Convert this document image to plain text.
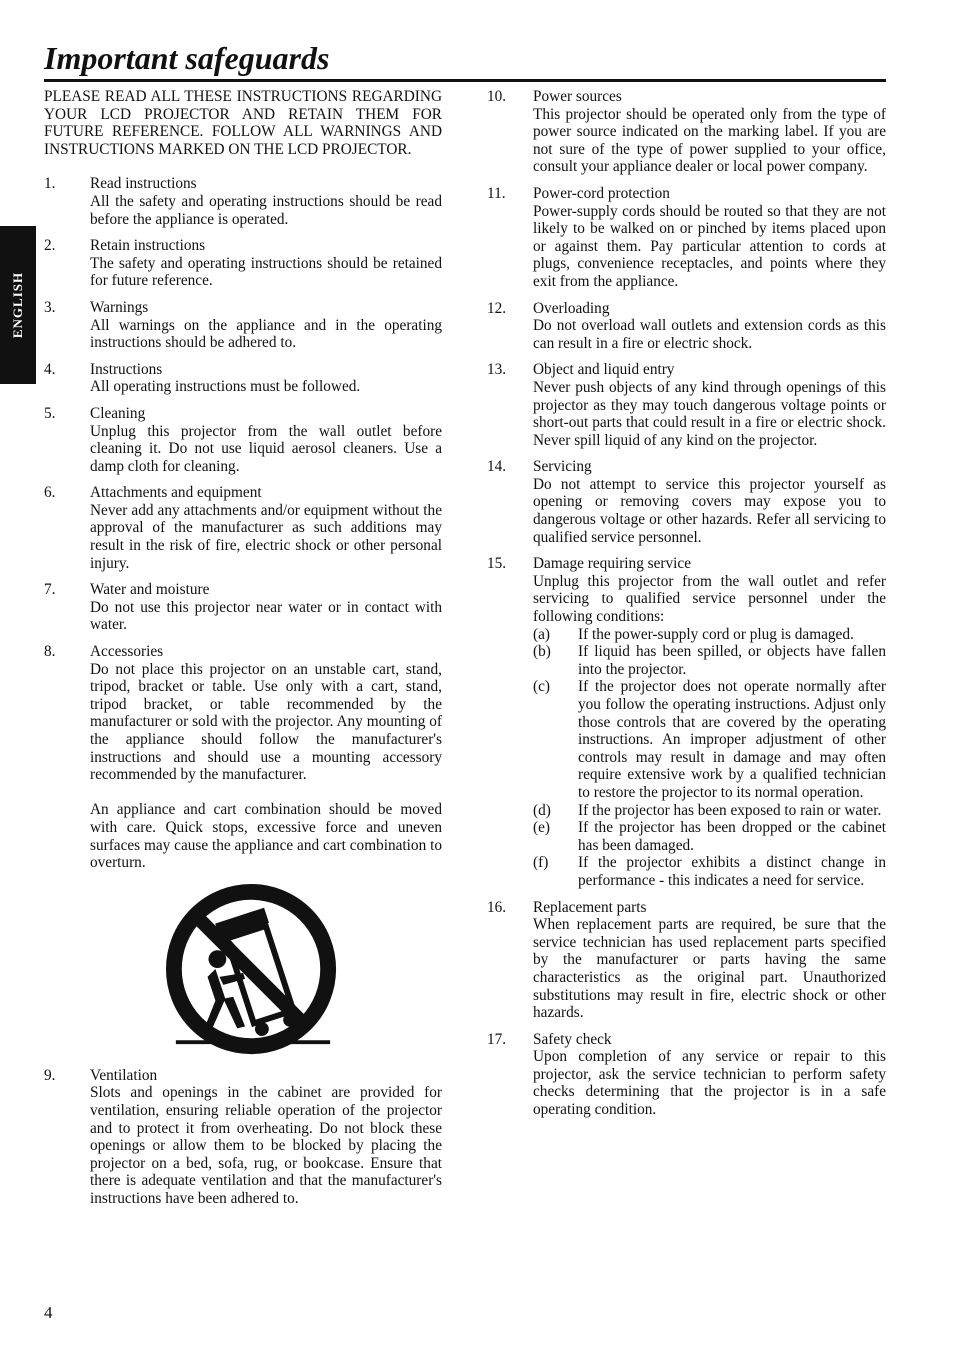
Important safeguards
ENGLISH
PLEASE READ ALL THESE INSTRUCTIONS REGARDING YOUR LCD PROJECTOR AND RETAIN THEM FOR FUTURE REFERENCE. FOLLOW ALL WARNINGS AND INSTRUCTIONS MARKED ON THE LCD PROJECTOR.
1. Read instructions
All the safety and operating instructions should be read before the appliance is operated.
2. Retain instructions
The safety and operating instructions should be retained for future reference.
3. Warnings
All warnings on the appliance and in the operating instructions should be adhered to.
4. Instructions
All operating instructions must be followed.
5. Cleaning
Unplug this projector from the wall outlet before cleaning it. Do not use liquid aerosol cleaners. Use a damp cloth for cleaning.
6. Attachments and equipment
Never add any attachments and/or equipment without the approval of the manufacturer as such additions may result in the risk of fire, electric shock or other personal injury.
7. Water and moisture
Do not use this projector near water or in contact with water.
8. Accessories
Do not place this projector on an unstable cart, stand, tripod, bracket or table. Use only with a cart, stand, tripod bracket, or table recommended by the manufacturer or sold with the projector. Any mounting of the appliance should follow the manufacturer's instructions and should use a mounting accessory recommended by the manufacturer.
An appliance and cart combination should be moved with care. Quick stops, excessive force and uneven surfaces may cause the appliance and cart combination to overturn.
9. Ventilation
Slots and openings in the cabinet are provided for ventilation, ensuring reliable operation of the projector and to protect it from overheating. Do not block these openings or allow them to be blocked by placing the projector on a bed, sofa, rug, or bookcase. Ensure that there is adequate ventilation and that the manufacturer's instructions have been adhered to.
10. Power sources
This projector should be operated only from the type of power source indicated on the marking label. If you are not sure of the type of power supplied to your office, consult your appliance dealer or local power company.
11. Power-cord protection
Power-supply cords should be routed so that they are not likely to be walked on or pinched by items placed upon or against them. Pay particular attention to cords at plugs, convenience receptacles, and points where they exit from the appliance.
12. Overloading
Do not overload wall outlets and extension cords as this can result in a fire or electric shock.
13. Object and liquid entry
Never push objects of any kind through openings of this projector as they may touch dangerous voltage points or short-out parts that could result in a fire or electric shock. Never spill liquid of any kind on the projector.
14. Servicing
Do not attempt to service this projector yourself as opening or removing covers may expose you to dangerous voltage or other hazards. Refer all servicing to qualified service personnel.
15. Damage requiring service
Unplug this projector from the wall outlet and refer servicing to qualified service personnel under the following conditions:
(a) If the power-supply cord or plug is damaged.
(b) If liquid has been spilled, or objects have fallen into the projector.
(c) If the projector does not operate normally after you follow the operating instructions. Adjust only those controls that are covered by the operating instructions. An improper adjustment of other controls may result in damage and may often require extensive work by a qualified technician to restore the projector to its normal operation.
(d) If the projector has been exposed to rain or water.
(e) If the projector has been dropped or the cabinet has been damaged.
(f) If the projector exhibits a distinct change in performance - this indicates a need for service.
16. Replacement parts
When replacement parts are required, be sure that the service technician has used replacement parts specified by the manufacturer or parts having the same characteristics as the original part. Unauthorized substitutions may result in fire, electric shock or other hazards.
17. Safety check
Upon completion of any service or repair to this projector, ask the service technician to perform safety checks determining that the projector is in a safe operating condition.
4
